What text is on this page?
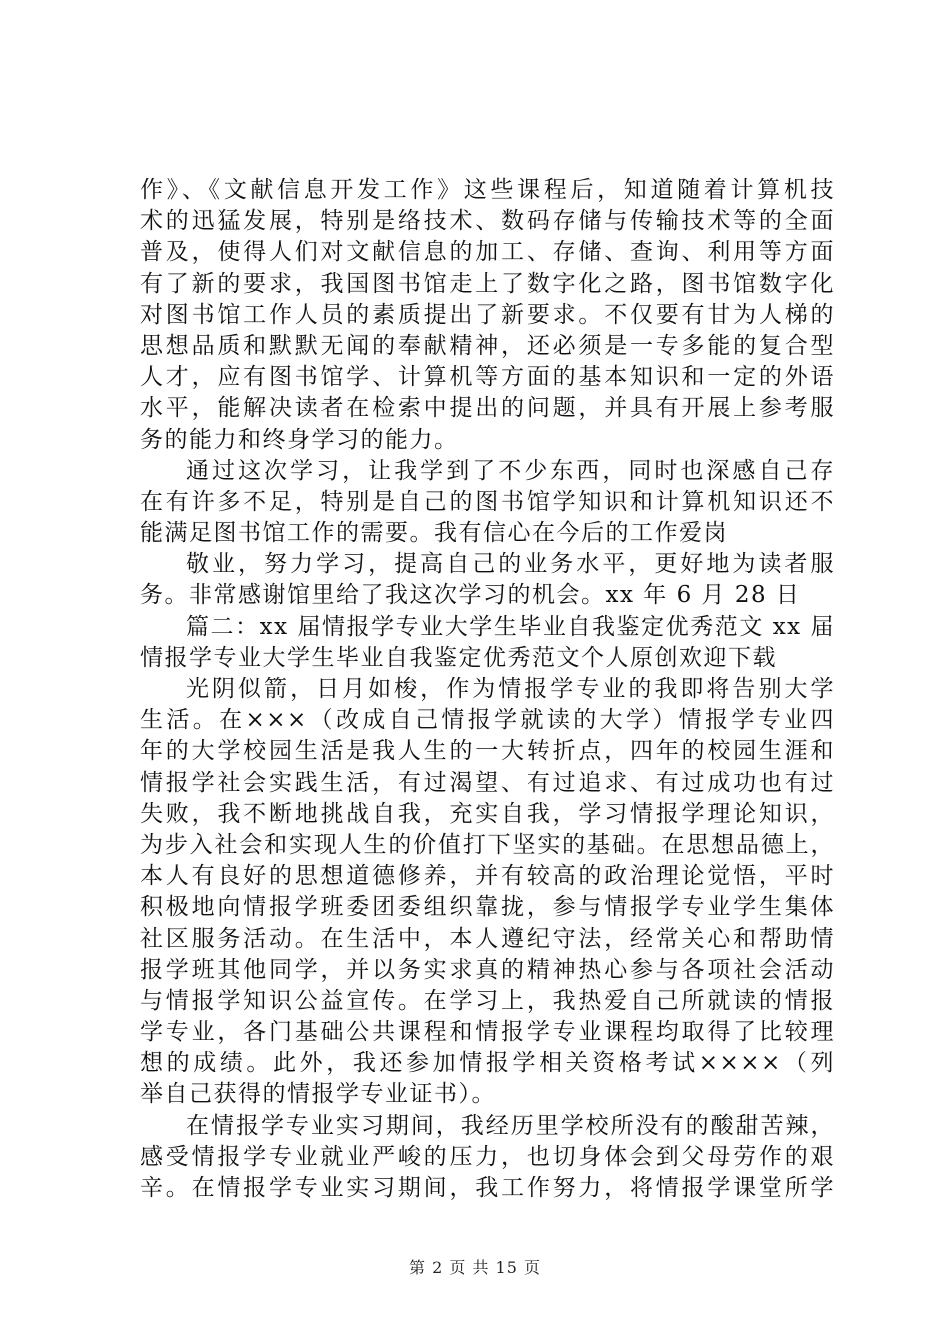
作》、《文献信息开发工作》这些课程后，知道随着计算机技
术的迅猛发展，特别是络技术、数码存储与传输技术等的全面
普及，使得人们对文献信息的加工、存储、查询、利用等方面
有了新的要求，我国图书馆走上了数字化之路，图书馆数字化
对图书馆工作人员的素质提出了新要求。不仅要有甘为人梯的
思想品质和默默无闻的奉献精神，还必须是一专多能的复合型
人才，应有图书馆学、计算机等方面的基本知识和一定的外语
水平，能解决读者在检索中提出的问题，并具有开展上参考服
务的能力和终身学习的能力。
通过这次学习，让我学到了不少东西，同时也深感自己存
在有许多不足，特别是自己的图书馆学知识和计算机知识还不
能满足图书馆工作的需要。我有信心在今后的工作爱岗
敬业，努力学习，提高自己的业务水平，更好地为读者服
务。非常感谢馆里给了我这次学习的机会。xx 年 6 月 28 日
篇二：xx 届情报学专业大学生毕业自我鉴定优秀范文 xx 届
情报学专业大学生毕业自我鉴定优秀范文个人原创欢迎下载
光阴似箭，日月如梭，作为情报学专业的我即将告别大学
生活。在×××（改成自己情报学就读的大学）情报学专业四
年的大学校园生活是我人生的一大转折点，四年的校园生涯和
情报学社会实践生活，有过渴望、有过追求、有过成功也有过
失败，我不断地挑战自我，充实自我，学习情报学理论知识，
为步入社会和实现人生的价值打下坚实的基础。在思想品德上，
本人有良好的思想道德修养，并有较高的政治理论觉悟，平时
积极地向情报学班委团委组织靠拢，参与情报学专业学生集体
社区服务活动。在生活中，本人遵纪守法，经常关心和帮助情
报学班其他同学，并以务实求真的精神热心参与各项社会活动
与情报学知识公益宣传。在学习上，我热爱自己所就读的情报
学专业，各门基础公共课程和情报学专业课程均取得了比较理
想的成绩。此外，我还参加情报学相关资格考试××××（列
举自己获得的情报学专业证书）。
在情报学专业实习期间，我经历里学校所没有的酸甜苦辣，
感受情报学专业就业严峻的压力，也切身体会到父母劳作的艰
辛。在情报学专业实习期间，我工作努力，将情报学课堂所学
第 2 页 共 15 页
